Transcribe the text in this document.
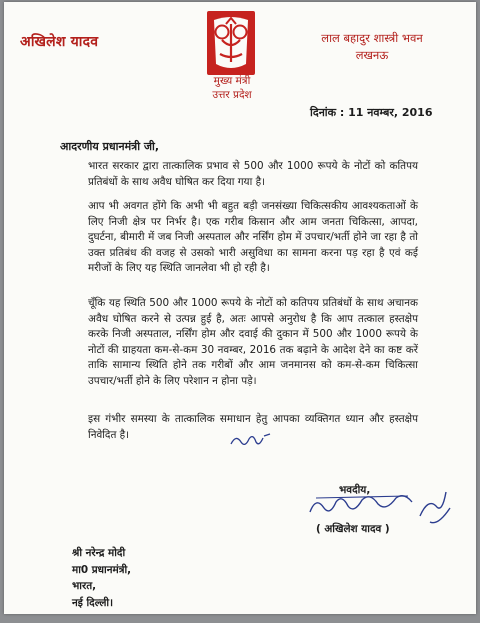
अखिलेश यादव	लाल बहादुर शास्त्री भवन
लखनऊ
मुख्य मंत्री
उत्तर प्रदेश
दिनांक : 11 नवम्बर, 2016
आदरणीय प्रधानमंत्री जी,
भारत सरकार द्वारा तात्कालिक प्रभाव से 500 और 1000 रूपये के नोटों को कतिपय प्रतिबंधों के साथ अवैध घोषित कर दिया गया है।
आप भी अवगत होंगे कि अभी भी बहुत बड़ी जनसंख्या चिकित्सकीय आवश्यकताओं के लिए निजी क्षेत्र पर निर्भर है। एक गरीब किसान और आम जनता चिकित्सा, आपदा, दुघर्टना, बीमारी में जब निजी अस्पताल और नर्सिंग होम में उपचार/भर्ती होने जा रहा है तो उक्त प्रतिबंध की वजह से उसको भारी असुविधा का सामना करना पड़ रहा है एवं कई मरीजों के लिए यह स्थिति जानलेवा भी हो रही है।
चूँकि यह स्थिति 500 और 1000 रूपये के नोटों को कतिपय प्रतिबंधों के साथ अचानक अवैध घोषित करने से उत्पन्न हुई है, अतः आपसे अनुरोध है कि आप तत्काल हस्तक्षेप करके निजी अस्पताल, नर्सिंग होम और दवाई की दुकान में 500 और 1000 रूपये के नोटों की ग्राहयता कम-से-कम 30 नवम्बर, 2016 तक बढ़ाने के आदेश देने का कष्ट करें ताकि सामान्य स्थिति होने तक गरीबों और आम जनमानस को कम-से-कम चिकित्सा उपचार/भर्ती होने के लिए परेशान न होना पड़े।
इस गंभीर समस्या के तात्कालिक समाधान हेतु आपका व्यक्तिगत ध्यान और हस्तक्षेप निवेदित है।
भवदीय,
( अखिलेश यादव )
श्री नरेन्द्र मोदी
मा0 प्रधानमंत्री,
भारत,
नई दिल्ली।
